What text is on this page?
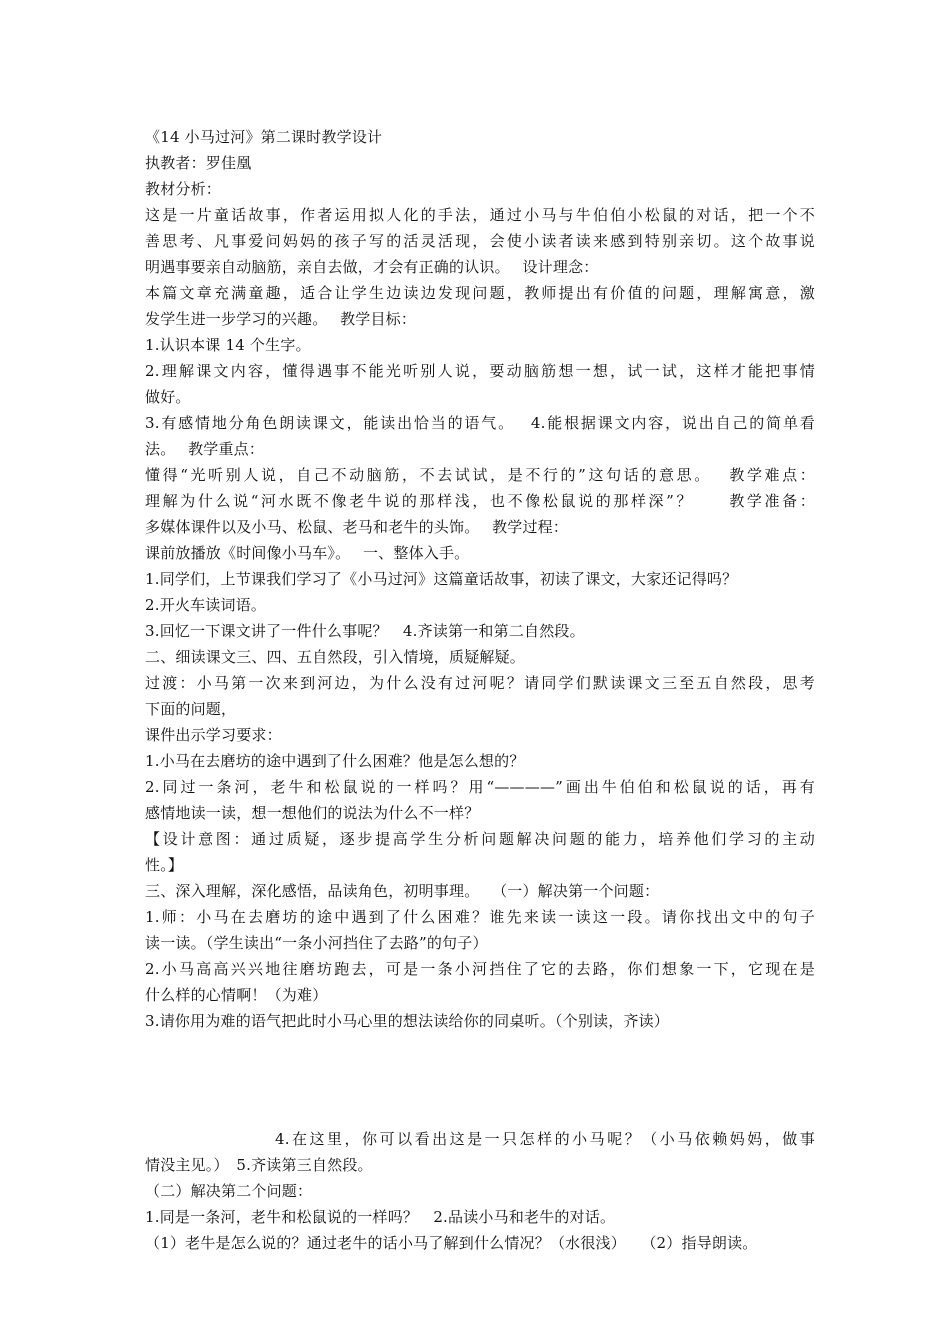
《14 小马过河》第二课时教学设计
执教者：罗佳凰
教材分析：
这是一片童话故事，作者运用拟人化的手法，通过小马与牛伯伯小松鼠的对话，把一个不
善思考、凡事爱问妈妈的孩子写的活灵活现，会使小读者读来感到特别亲切。这个故事说
明遇事要亲自动脑筋，亲自去做，才会有正确的认识。　 设计理念：
本篇文章充满童趣，适合让学生边读边发现问题，教师提出有价值的问题，理解寓意，激
发学生进一步学习的兴趣。　 教学目标：
1.认识本课 14 个生字。
2.理解课文内容，懂得遇事不能光听别人说，要动脑筋想一想，试一试，这样才能把事情
做好。
3.有感情地分角色朗读课文，能读出恰当的语气。　 4.能根据课文内容，说出自己的简单看
法。　 教学重点：
懂得“光听别人说，自己不动脑筋，不去试试，是不行的”这句话的意思。　 教学难点：
理解为什么说“河水既不像老牛说的那样浅，也不像松鼠说的那样深”？　　教学准备：
多媒体课件以及小马、松鼠、老马和老牛的头饰。　 教学过程：
课前放播放《时间像小马车》。　 一、整体入手。
1.同学们，上节课我们学习了《小马过河》这篇童话故事，初读了课文，大家还记得吗？
2.开火车读词语。
3.回忆一下课文讲了一件什么事呢？　4.齐读第一和第二自然段。
二、细读课文三、四、五自然段，引入情境，质疑解疑。
过渡：小马第一次来到河边，为什么没有过河呢？请同学们默读课文三至五自然段，思考
下面的问题，
课件出示学习要求：
1.小马在去磨坊的途中遇到了什么困难？他是怎么想的？
2.同过一条河，老牛和松鼠说的一样吗？用“————”画出牛伯伯和松鼠说的话，再有
感情地读一读，想一想他们的说法为什么不一样？
【设计意图：通过质疑，逐步提高学生分析问题解决问题的能力，培养他们学习的主动
性。】
三、深入理解，深化感悟，品读角色，初明事理。　 （一）解决第一个问题：
1.师：小马在去磨坊的途中遇到了什么困难？谁先来读一读这一段。请你找出文中的句子
读一读。（学生读出“一条小河挡住了去路”的句子）
2.小马高高兴兴地往磨坊跑去，可是一条小河挡住了它的去路，你们想象一下，它现在是
什么样的心情啊！（为难）
3.请你用为难的语气把此时小马心里的想法读给你的同桌听。（个别读，齐读）
4.在这里，你可以看出这是一只怎样的小马呢？（小马依赖妈妈，做事
情没主见。）　5.齐读第三自然段。
（二）解决第二个问题：
1.同是一条河，老牛和松鼠说的一样吗？　2.品读小马和老牛的对话。
（1）老牛是怎么说的？通过老牛的话小马了解到什么情况？（水很浅）　　（2）指导朗读。
